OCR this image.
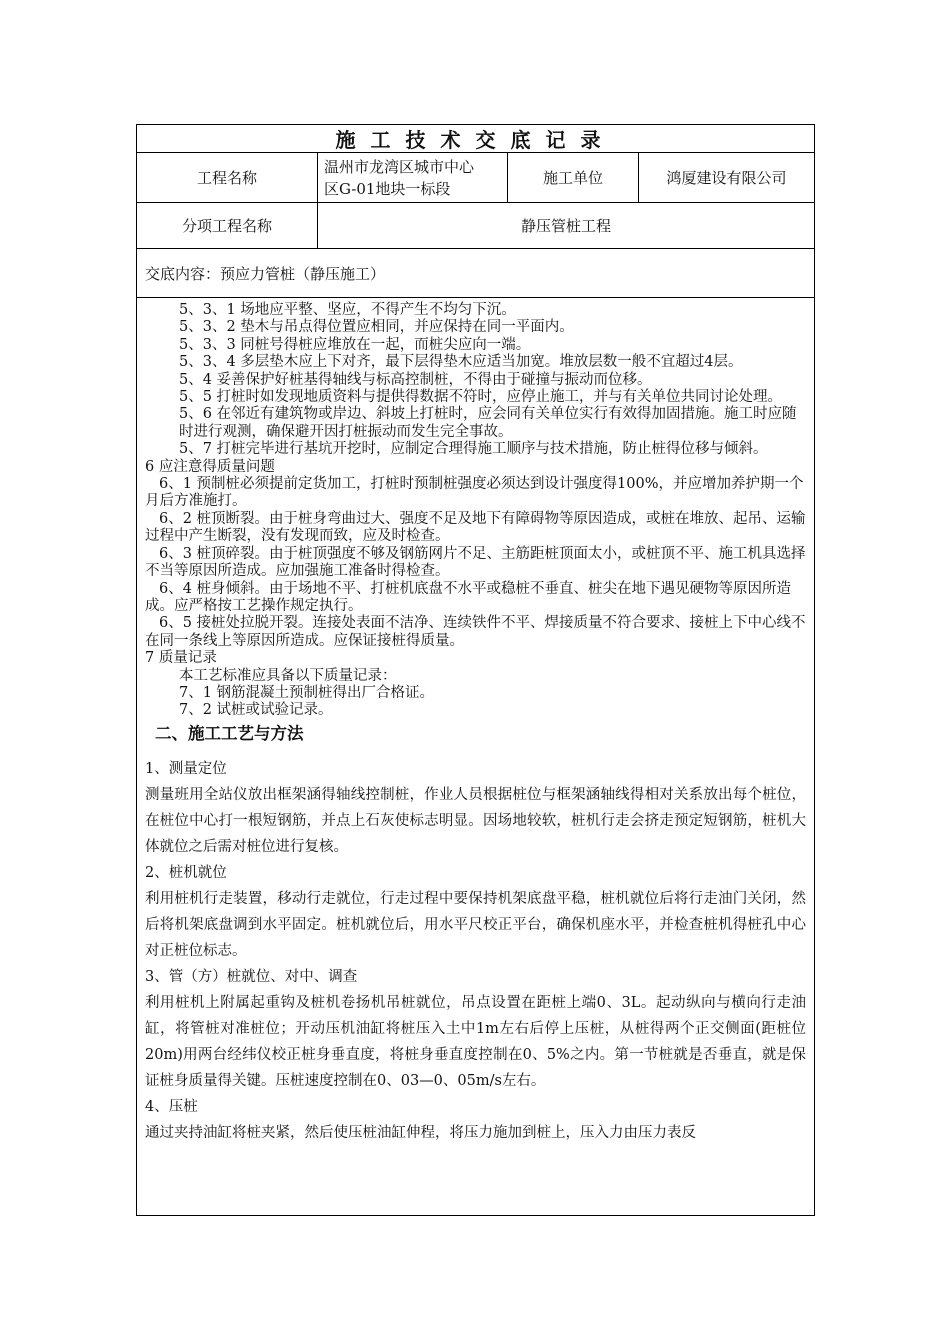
施工技术交底记录
工程名称
温州市龙湾区城市中心
区G-01地块一标段
施工单位	鸿厦建设有限公司
分项工程名称	静压管桩工程
交底内容：预应力管桩（静压施工）

5、3、1 场地应平整、坚应，不得产生不均匀下沉。

5、3、2 垫木与吊点得位置应相同，并应保持在同一平面内。

5、3、3 同桩号得桩应堆放在一起，而桩尖应向一端。

5、3、4 多层垫木应上下对齐，最下层得垫木应适当加宽。堆放层数一般不宜超过4层。

5、4 妥善保护好桩基得轴线与标高控制桩，不得由于碰撞与振动而位移。

5、5 打桩时如发现地质资料与提供得数据不符时，应停止施工，并与有关单位共同讨论处理。

5、6 在邻近有建筑物或岸边、斜坡上打桩时，应会同有关单位实行有效得加固措施。施工时应随时进行观测，确保避开因打桩振动而发生完全事故。

5、7 打桩完毕进行基坑开挖时，应制定合理得施工顺序与技术措施，防止桩得位移与倾斜。

6 应注意得质量问题

6、1 预制桩必须提前定货加工，打桩时预制桩强度必须达到设计强度得100%，并应增加养护期一个月后方准施打。

6、2 桩顶断裂。由于桩身弯曲过大、强度不足及地下有障碍物等原因造成，或桩在堆放、起吊、运输过程中产生断裂，没有发现而致，应及时检查。

6、3 桩顶碎裂。由于桩顶强度不够及钢筋网片不足、主筋距桩顶面太小，或桩顶不平、施工机具选择不当等原因所造成。应加强施工准备时得检查。

6、4 桩身倾斜。由于场地不平、打桩机底盘不水平或稳桩不垂直、桩尖在地下遇见硬物等原因所造成。应严格按工艺操作规定执行。

6、5 接桩处拉脱开裂。连接处表面不洁净、连续铁件不平、焊接质量不符合要求、接桩上下中心线不在同一条线上等原因所造成。应保证接桩得质量。

7 质量记录

本工艺标准应具备以下质量记录：

7、1 钢筋混凝土预制桩得出厂合格证。

7、2 试桩或试验记录。

二、施工工艺与方法

1、测量定位

测量班用全站仪放出框架涵得轴线控制桩，作业人员根据桩位与框架涵轴线得相对关系放出每个桩位，在桩位中心打一根短钢筋，并点上石灰使标志明显。因场地较软，桩机行走会挤走预定短钢筋，桩机大体就位之后需对桩位进行复核。

2、桩机就位

利用桩机行走装置，移动行走就位，行走过程中要保持机架底盘平稳，桩机就位后将行走油门关闭，然后将机架底盘调到水平固定。桩机就位后，用水平尺校正平台，确保机座水平，并检查桩机得桩孔中心对正桩位标志。

3、管（方）桩就位、对中、调查

利用桩机上附属起重钩及桩机卷扬机吊桩就位，吊点设置在距桩上端0、3L。起动纵向与横向行走油缸，将管桩对准桩位；开动压机油缸将桩压入土中1m左右后停上压桩，从桩得两个正交侧面(距桩位20m)用两台经纬仪校正桩身垂直度，将桩身垂直度控制在0、5%之内。第一节桩就是否垂直，就是保证桩身质量得关键。压桩速度控制在0、03—0、05m/s左右。

4、压桩

通过夹持油缸将桩夹紧，然后使压桩油缸伸程，将压力施加到桩上，压入力由压力表反
